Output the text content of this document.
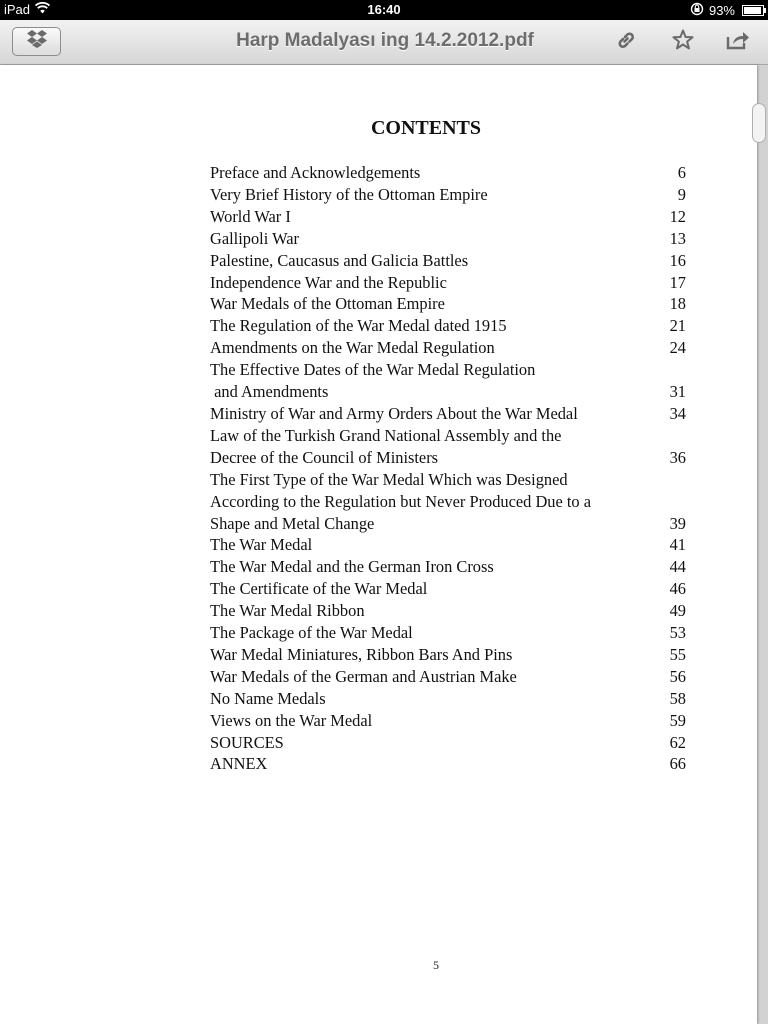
iPad	16:40	93%
Harp Madalyası ing 14.2.2012.pdf
CONTENTS
Preface and Acknowledgements	6
Very Brief History of the Ottoman Empire	9
World War I	12
Gallipoli War	13
Palestine, Caucasus and Galicia Battles	16
Independence War and the Republic	17
War Medals of the Ottoman Empire	18
The Regulation of the War Medal dated 1915	21
Amendments on the War Medal Regulation	24
The Effective Dates of the War Medal Regulation
and Amendments	31
Ministry of War and Army Orders About the War Medal	34
Law of the Turkish Grand National Assembly and the
Decree of the Council of Ministers	36
The First Type of the War Medal Which was Designed
According to the Regulation but Never Produced Due to a
Shape and Metal Change	39
The War Medal	41
The War Medal and the German Iron Cross	44
The Certificate of the War Medal	46
The War Medal Ribbon	49
The Package of the War Medal	53
War Medal Miniatures, Ribbon Bars And Pins	55
War Medals of the German and Austrian Make	56
No Name Medals	58
Views on the War Medal	59
SOURCES	62
ANNEX	66
5
